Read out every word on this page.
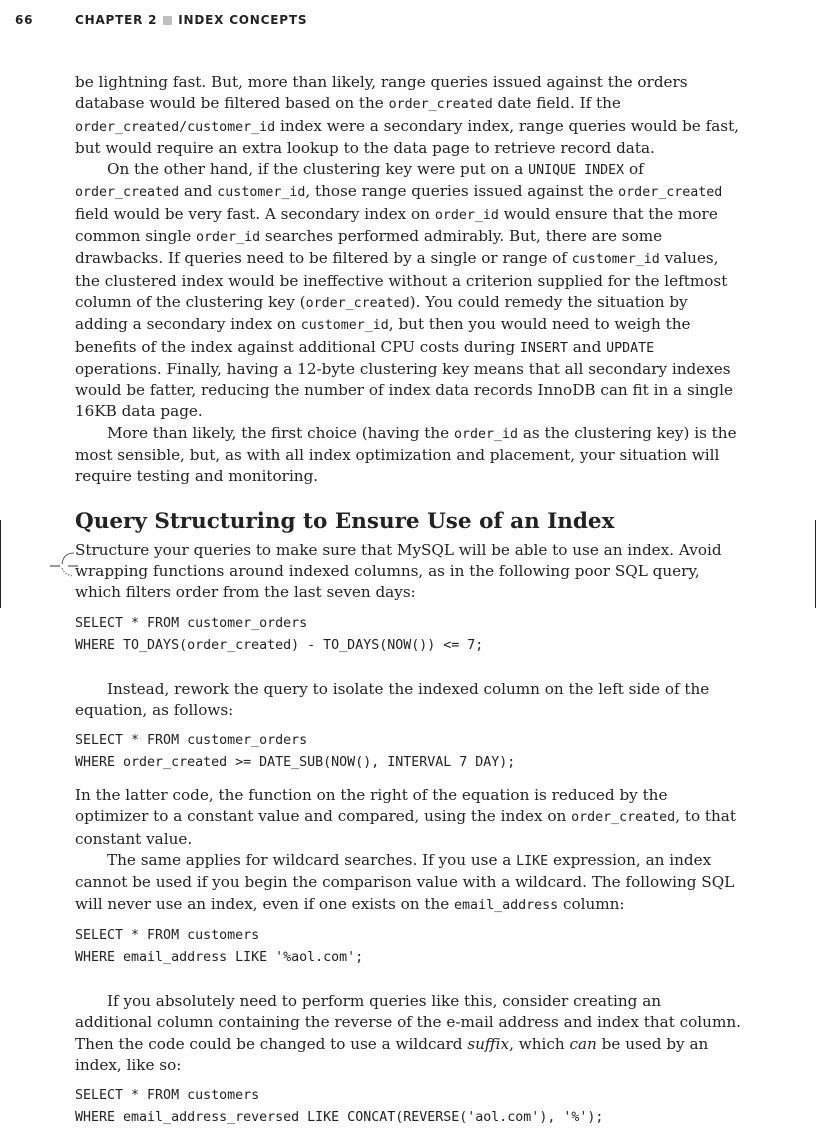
66	CHAPTER 2 INDEX CONCEPTS

be lightning fast. But, more than likely, range queries issued against the orders database would be filtered based on the order_created date field. If the order_created/customer_id index were a secondary index, range queries would be fast, but would require an extra lookup to the data page to retrieve record data.

On the other hand, if the clustering key were put on a UNIQUE INDEX of order_created and customer_id, those range queries issued against the order_created field would be very fast. A secondary index on order_id would ensure that the more common single order_id searches performed admirably. But, there are some drawbacks. If queries need to be filtered by a single or range of customer_id values, the clustered index would be ineffective without a criterion supplied for the leftmost column of the clustering key (order_created). You could remedy the situation by adding a secondary index on customer_id, but then you would need to weigh the benefits of the index against additional CPU costs during INSERT and UPDATE operations. Finally, having a 12-byte clustering key means that all secondary indexes would be fatter, reducing the number of index data records InnoDB can fit in a single 16KB data page.

More than likely, the first choice (having the order_id as the clustering key) is the most sensible, but, as with all index optimization and placement, your situation will require testing and monitoring.

Query Structuring to Ensure Use of an Index

Structure your queries to make sure that MySQL will be able to use an index. Avoid wrapping functions around indexed columns, as in the following poor SQL query, which filters order from the last seven days:

SELECT * FROM customer_orders
WHERE TO_DAYS(order_created) - TO_DAYS(NOW()) <= 7;

Instead, rework the query to isolate the indexed column on the left side of the equation, as follows:

SELECT * FROM customer_orders
WHERE order_created >= DATE_SUB(NOW(), INTERVAL 7 DAY);

In the latter code, the function on the right of the equation is reduced by the optimizer to a constant value and compared, using the index on order_created, to that constant value.

The same applies for wildcard searches. If you use a LIKE expression, an index cannot be used if you begin the comparison value with a wildcard. The following SQL will never use an index, even if one exists on the email_address column:

SELECT * FROM customers
WHERE email_address LIKE '%aol.com';

If you absolutely need to perform queries like this, consider creating an additional column containing the reverse of the e-mail address and index that column. Then the code could be changed to use a wildcard suffix, which can be used by an index, like so:

SELECT * FROM customers
WHERE email_address_reversed LIKE CONCAT(REVERSE('aol.com'), '%');
